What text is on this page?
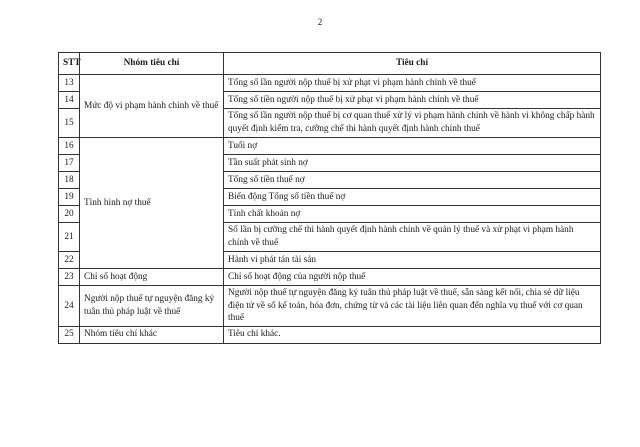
2
STT	Nhóm tiêu chí	Tiêu chí
13	Mức độ vi phạm hành chính về thuế	Tổng số lần người nộp thuế bị xử phạt vi phạm hành chính về thuế
14		Tổng số tiền người nộp thuế bị xử phạt vi phạm hành chính về thuế
15		Tổng số lần người nộp thuế bị cơ quan thuế xử lý vi phạm hành chính về hành vi không chấp hành quyết định kiểm tra, cưỡng chế thi hành quyết định hành chính thuế
16	Tình hình nợ thuế	Tuổi nợ
17		Tần suất phát sinh nợ
18		Tổng số tiền thuế nợ
19		Biến động Tổng số tiền thuế nợ
20		Tính chất khoản nợ
21		Số lần bị cưỡng chế thi hành quyết định hành chính về quản lý thuế và xử phạt vi phạm hành chính về thuế
22		Hành vi phát tán tài sản
23	Chỉ số hoạt động	Chỉ số hoạt động của người nộp thuế
24	Người nộp thuế tự nguyện đăng ký tuân thủ pháp luật về thuế	Người nộp thuế tự nguyện đăng ký tuân thủ pháp luật về thuế, sẵn sàng kết nối, chia sẻ dữ liệu điện tử về sổ kế toán, hóa đơn, chứng từ và các tài liệu liên quan đến nghĩa vụ thuế với cơ quan thuế
25	Nhóm tiêu chí khác	Tiêu chí khác.
